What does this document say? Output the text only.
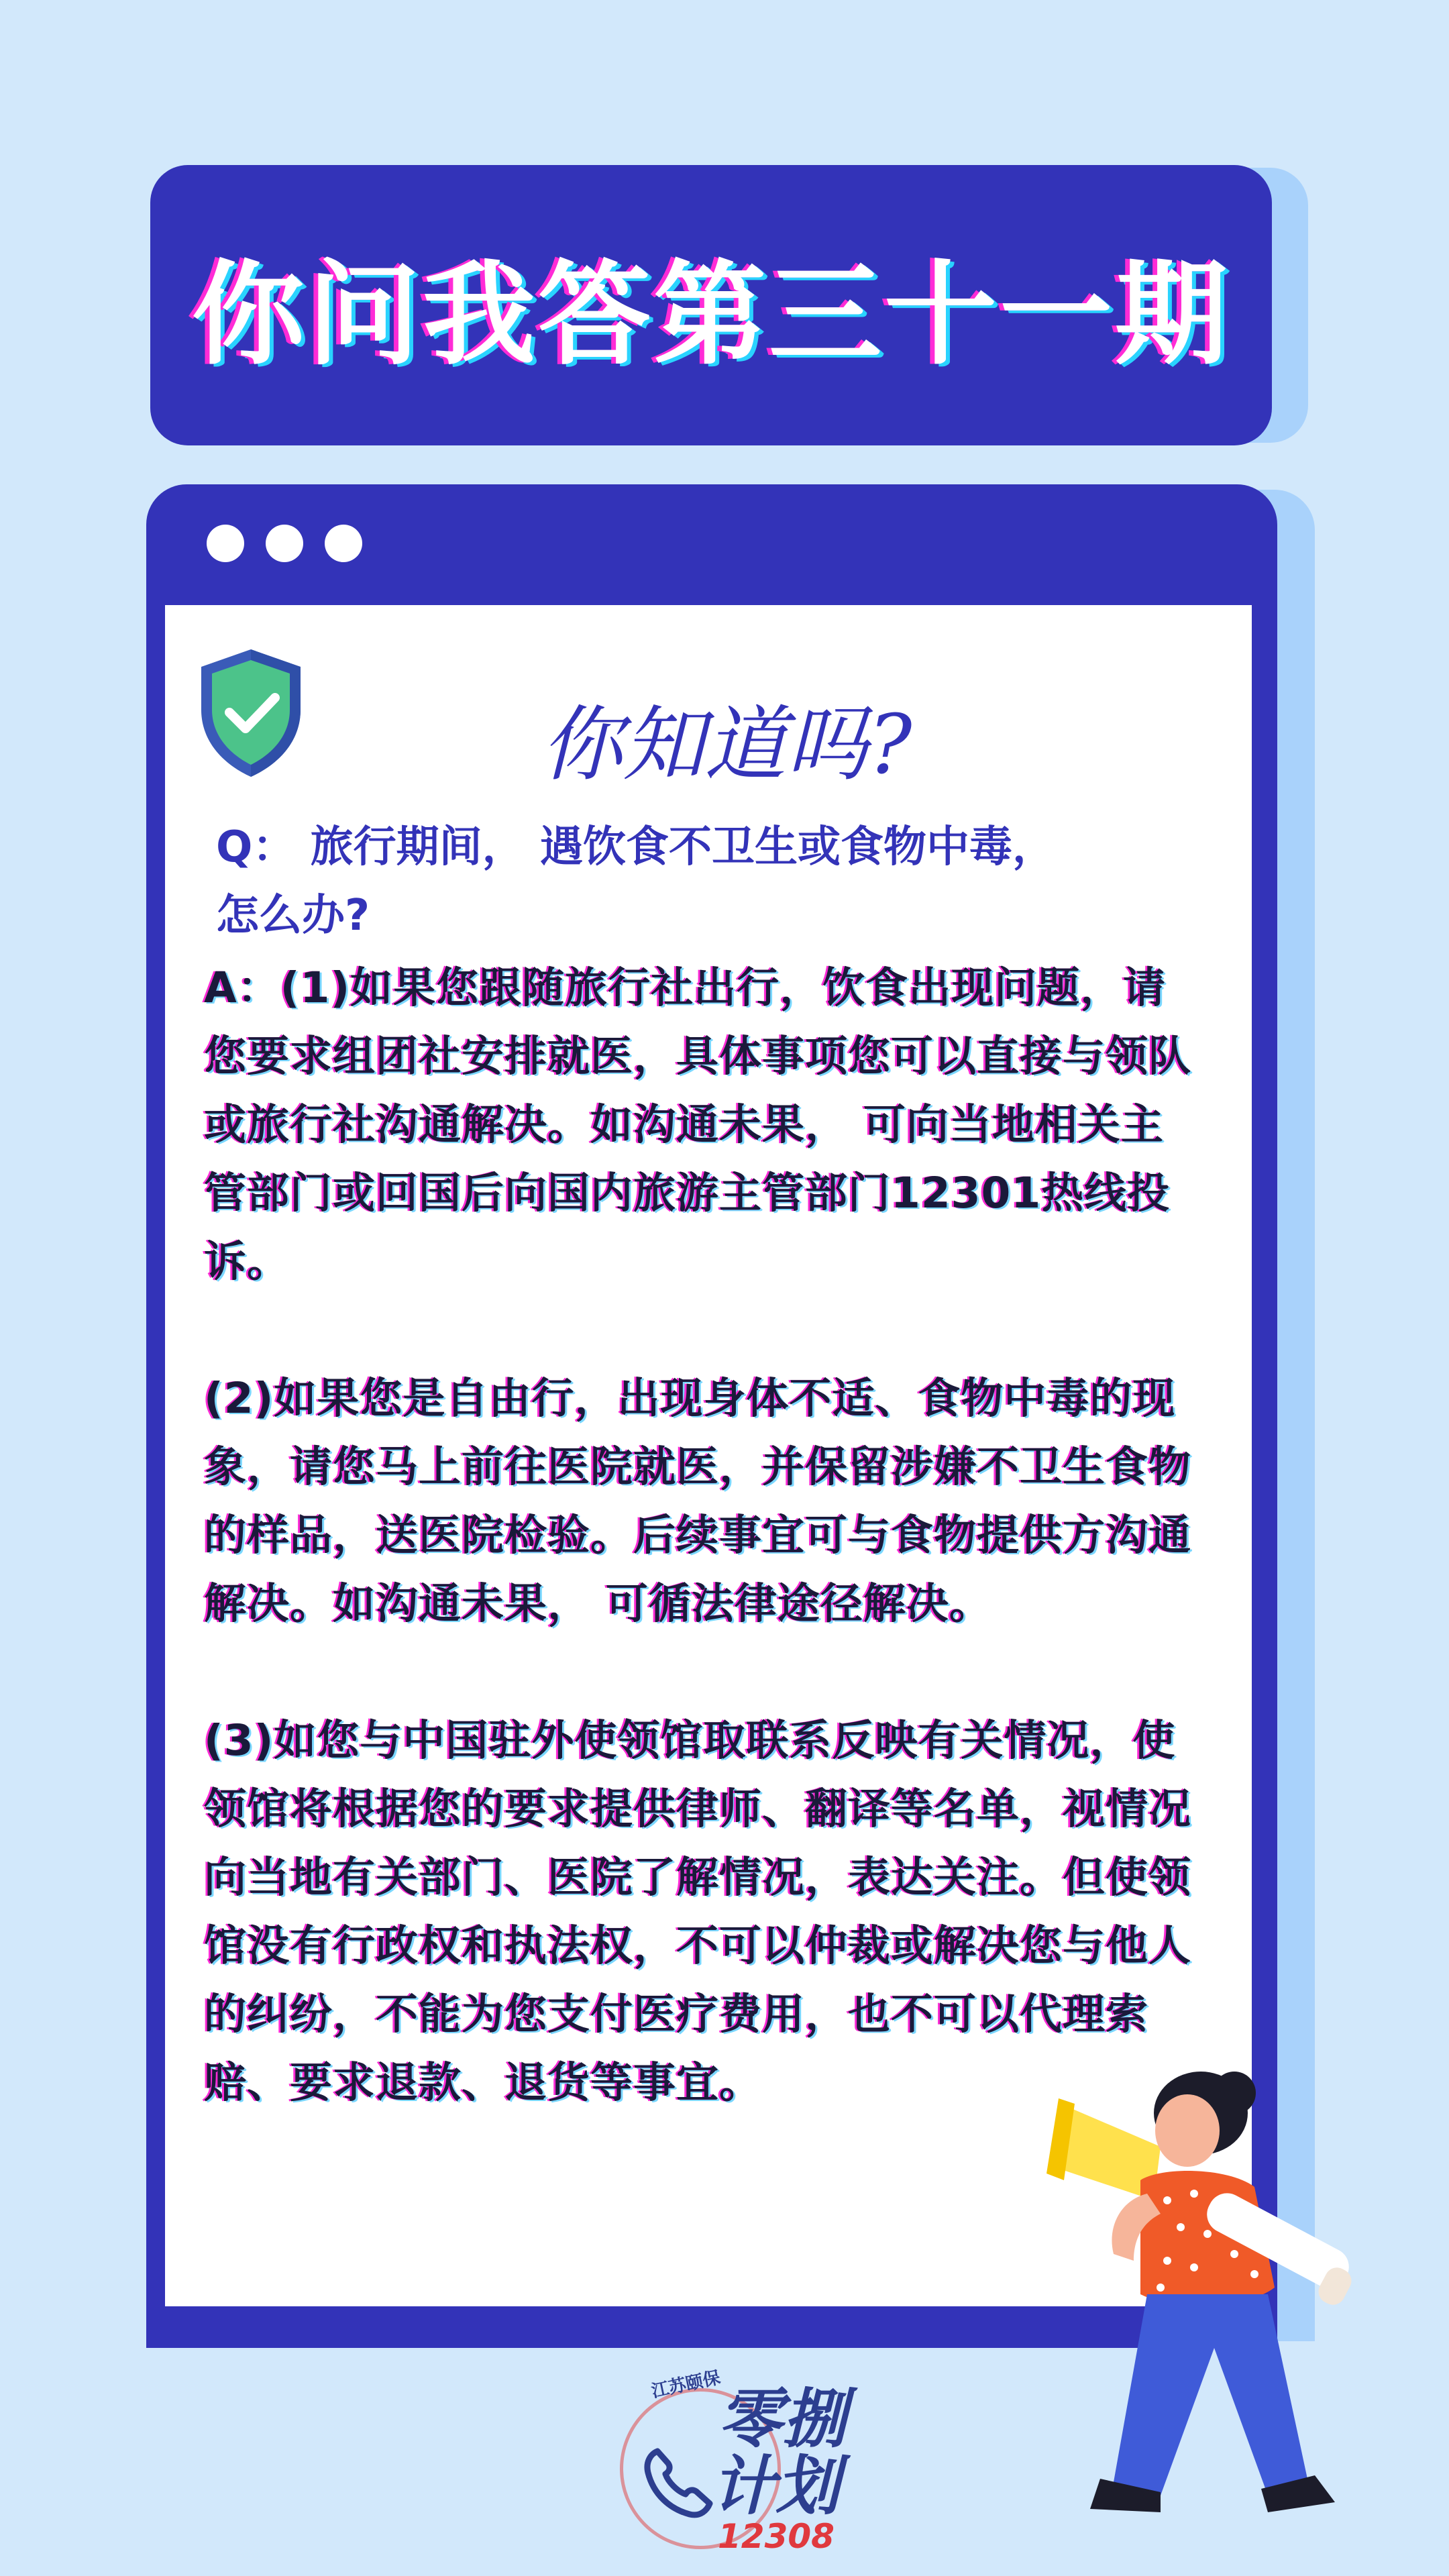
你问我答第三十一期
你知道吗?
Q： 旅行期间， 遇饮食不卫生或食物中毒，
怎么办?

A：(1)如果您跟随旅行社出行，饮食出现问题，请您要求组团社安排就医，具体事项您可以直接与领队或旅行社沟通解决。如沟通未果， 可向当地相关主管部门或回国后向国内旅游主管部门12301热线投诉。

(2)如果您是自由行，出现身体不适、食物中毒的现象，请您马上前往医院就医，并保留涉嫌不卫生食物的样品，送医院检验。后续事宜可与食物提供方沟通解决。如沟通未果， 可循法律途径解决。

(3)如您与中国驻外使领馆取联系反映有关情况，使领馆将根据您的要求提供律师、翻译等名单，视情况向当地有关部门、医院了解情况，表达关注。但使领馆没有行政权和执法权，不可以仲裁或解决您与他人的纠纷，不能为您支付医疗费用，也不可以代理索赔、要求退款、退货等事宜。

江苏颐保
零捌
计划
12308
